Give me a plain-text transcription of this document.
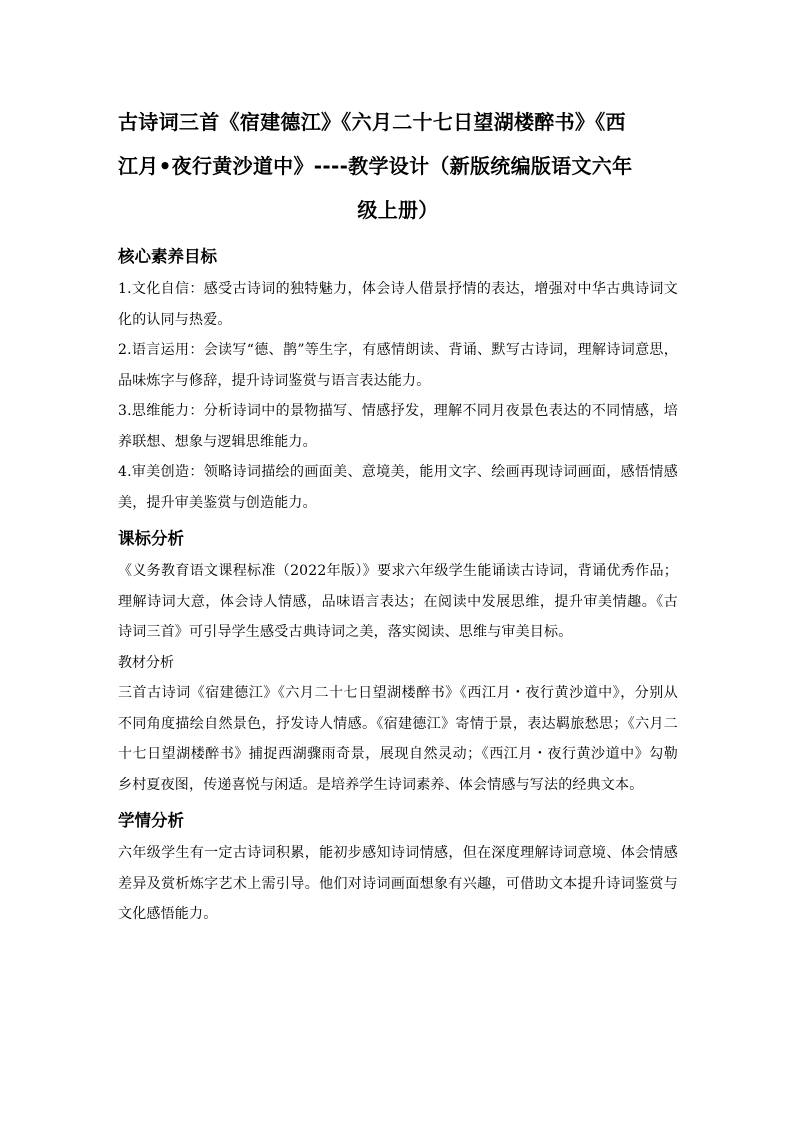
古诗词三首《宿建德江》《六月二十七日望湖楼醉书》《西
江月•夜行黄沙道中》----教学设计（新版统编版语文六年
级上册）
核心素养目标

1.文化自信：感受古诗词的独特魅力，体会诗人借景抒情的表达，增强对中华古典诗词文化的认同与热爱。

2.语言运用：会读写“德、鹊”等生字，有感情朗读、背诵、默写古诗词，理解诗词意思，品味炼字与修辞，提升诗词鉴赏与语言表达能力。

3.思维能力：分析诗词中的景物描写、情感抒发，理解不同月夜景色表达的不同情感，培养联想、想象与逻辑思维能力。

4.审美创造：领略诗词描绘的画面美、意境美，能用文字、绘画再现诗词画面，感悟情感美，提升审美鉴赏与创造能力。

课标分析

《义务教育语文课程标准（2022年版）》要求六年级学生能诵读古诗词，背诵优秀作品；理解诗词大意，体会诗人情感，品味语言表达；在阅读中发展思维，提升审美情趣。《古诗词三首》可引导学生感受古典诗词之美，落实阅读、思维与审美目标。

教材分析

三首古诗词《宿建德江》《六月二十七日望湖楼醉书》《西江月・夜行黄沙道中》，分别从不同角度描绘自然景色，抒发诗人情感。《宿建德江》寄情于景，表达羁旅愁思；《六月二十七日望湖楼醉书》捕捉西湖骤雨奇景，展现自然灵动；《西江月・夜行黄沙道中》勾勒乡村夏夜图，传递喜悦与闲适。是培养学生诗词素养、体会情感与写法的经典文本。

学情分析

六年级学生有一定古诗词积累，能初步感知诗词情感，但在深度理解诗词意境、体会情感差异及赏析炼字艺术上需引导。他们对诗词画面想象有兴趣，可借助文本提升诗词鉴赏与文化感悟能力。
